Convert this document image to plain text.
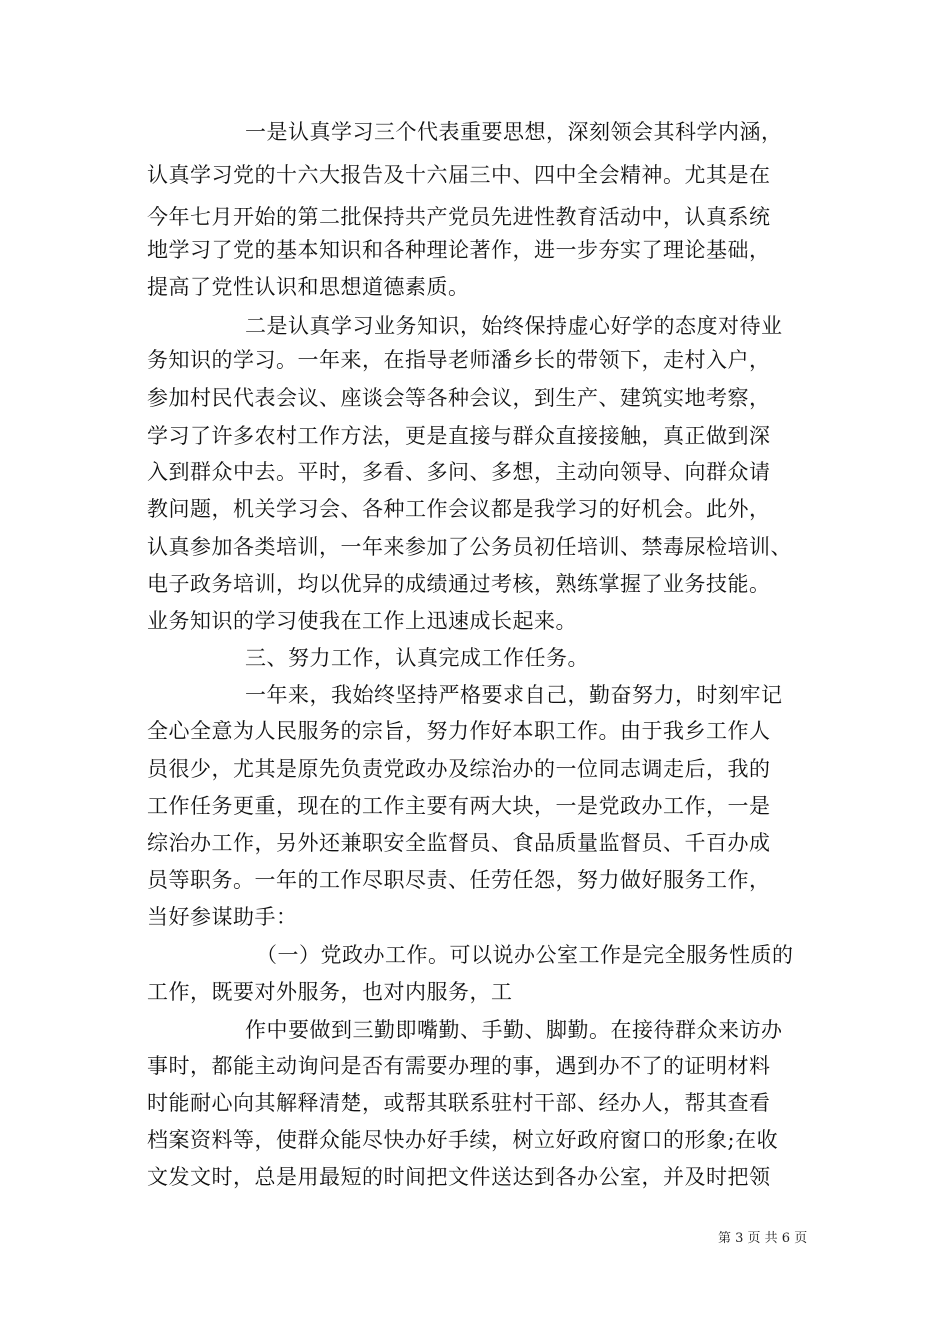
一是认真学习三个代表重要思想，深刻领会其科学内涵，

认真学习党的十六大报告及十六届三中、四中全会精神。尤其是在

今年七月开始的第二批保持共产党员先进性教育活动中，认真系统

地学习了党的基本知识和各种理论著作，进一步夯实了理论基础，

提高了党性认识和思想道德素质。

二是认真学习业务知识，始终保持虚心好学的态度对待业

务知识的学习。一年来，在指导老师潘乡长的带领下，走村入户，

参加村民代表会议、座谈会等各种会议，到生产、建筑实地考察，

学习了许多农村工作方法，更是直接与群众直接接触，真正做到深

入到群众中去。平时，多看、多问、多想，主动向领导、向群众请

教问题，机关学习会、各种工作会议都是我学习的好机会。此外，

认真参加各类培训，一年来参加了公务员初任培训、禁毒尿检培训、

电子政务培训，均以优异的成绩通过考核，熟练掌握了业务技能。

业务知识的学习使我在工作上迅速成长起来。

三、努力工作，认真完成工作任务。

一年来，我始终坚持严格要求自己，勤奋努力，时刻牢记

全心全意为人民服务的宗旨，努力作好本职工作。由于我乡工作人

员很少，尤其是原先负责党政办及综治办的一位同志调走后，我的

工作任务更重，现在的工作主要有两大块，一是党政办工作，一是

综治办工作，另外还兼职安全监督员、食品质量监督员、千百办成

员等职务。一年的工作尽职尽责、任劳任怨，努力做好服务工作，

当好参谋助手：

（一）党政办工作。可以说办公室工作是完全服务性质的

工作，既要对外服务，也对内服务，工

作中要做到三勤即嘴勤、手勤、脚勤。在接待群众来访办

事时，都能主动询问是否有需要办理的事，遇到办不了的证明材料

时能耐心向其解释清楚，或帮其联系驻村干部、经办人，帮其查看

档案资料等，使群众能尽快办好手续，树立好政府窗口的形象;在收

文发文时，总是用最短的时间把文件送达到各办公室，并及时把领

第 3 页 共 6 页
